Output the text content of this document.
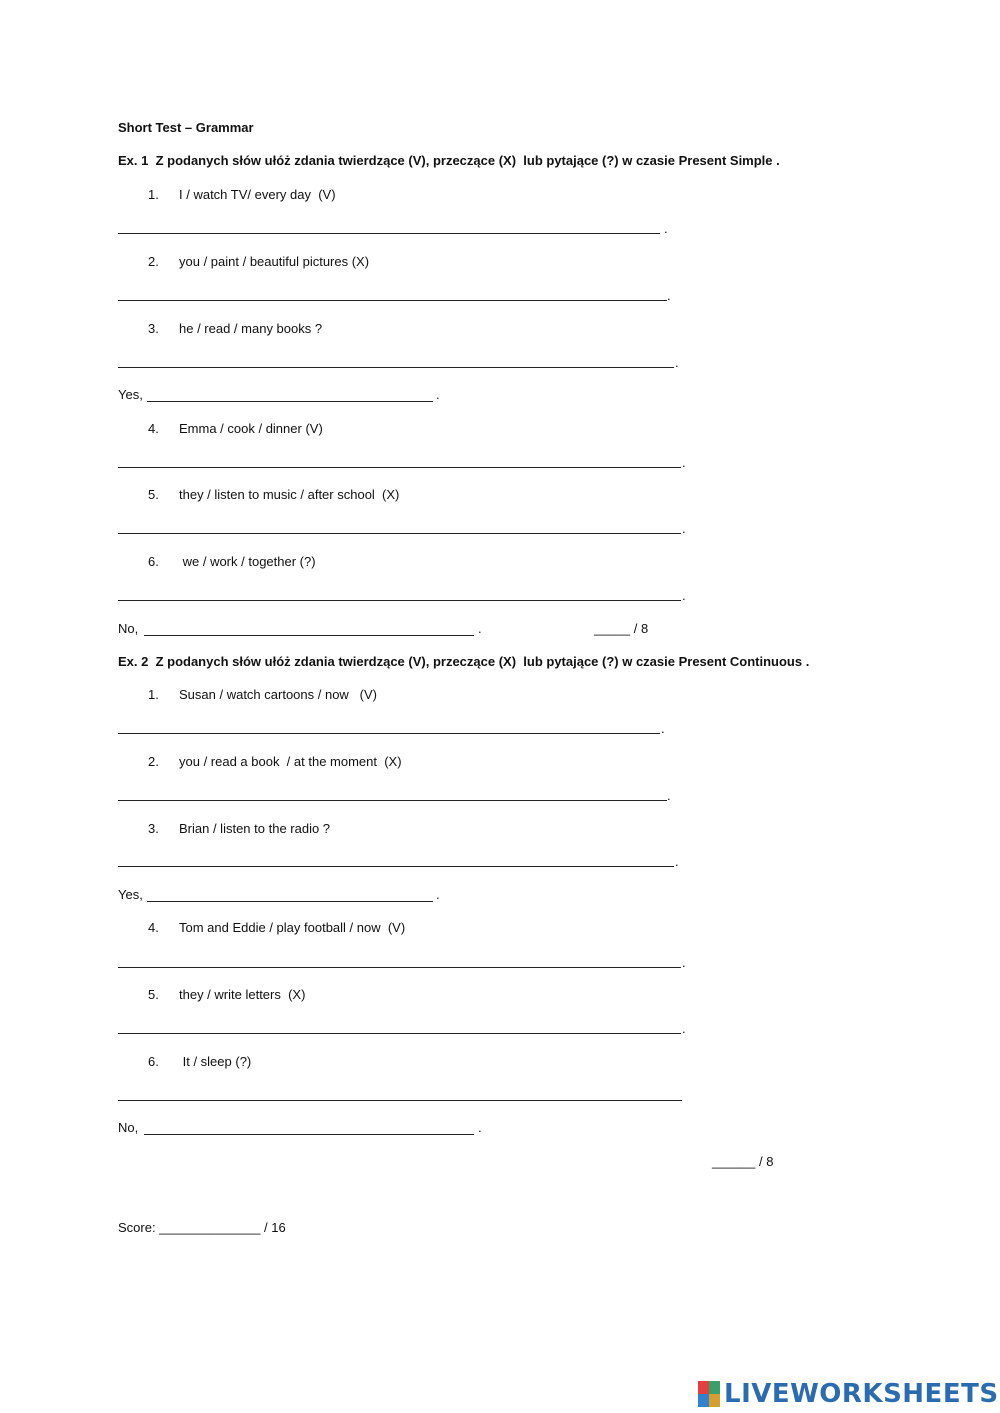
Short Test – Grammar
Ex. 1  Z podanych słów ułóż zdania twierdzące (V), przeczące (X)  lub pytające (?) w czasie Present Simple .
1. I / watch TV/ every day  (V)
.
2. you / paint / beautiful pictures (X)
.
3. he / read / many books ?
.
Yes,	.
4. Emma / cook / dinner (V)
.
5. they / listen to music / after school  (X)
.
6. we / work / together (?)
.
No,	.	_____ / 8
Ex. 2  Z podanych słów ułóż zdania twierdzące (V), przeczące (X)  lub pytające (?) w czasie Present Continuous .
1. Susan / watch cartoons / now   (V)
.
2. you / read a book  / at the moment  (X)
.
3. Brian / listen to the radio ?
.
Yes,	.
4. Tom and Eddie / play football / now  (V)
.
5. they / write letters  (X)
.
6. It / sleep (?)
No,	.
______ / 8
Score: ______________ / 16
LIVEWORKSHEETS
